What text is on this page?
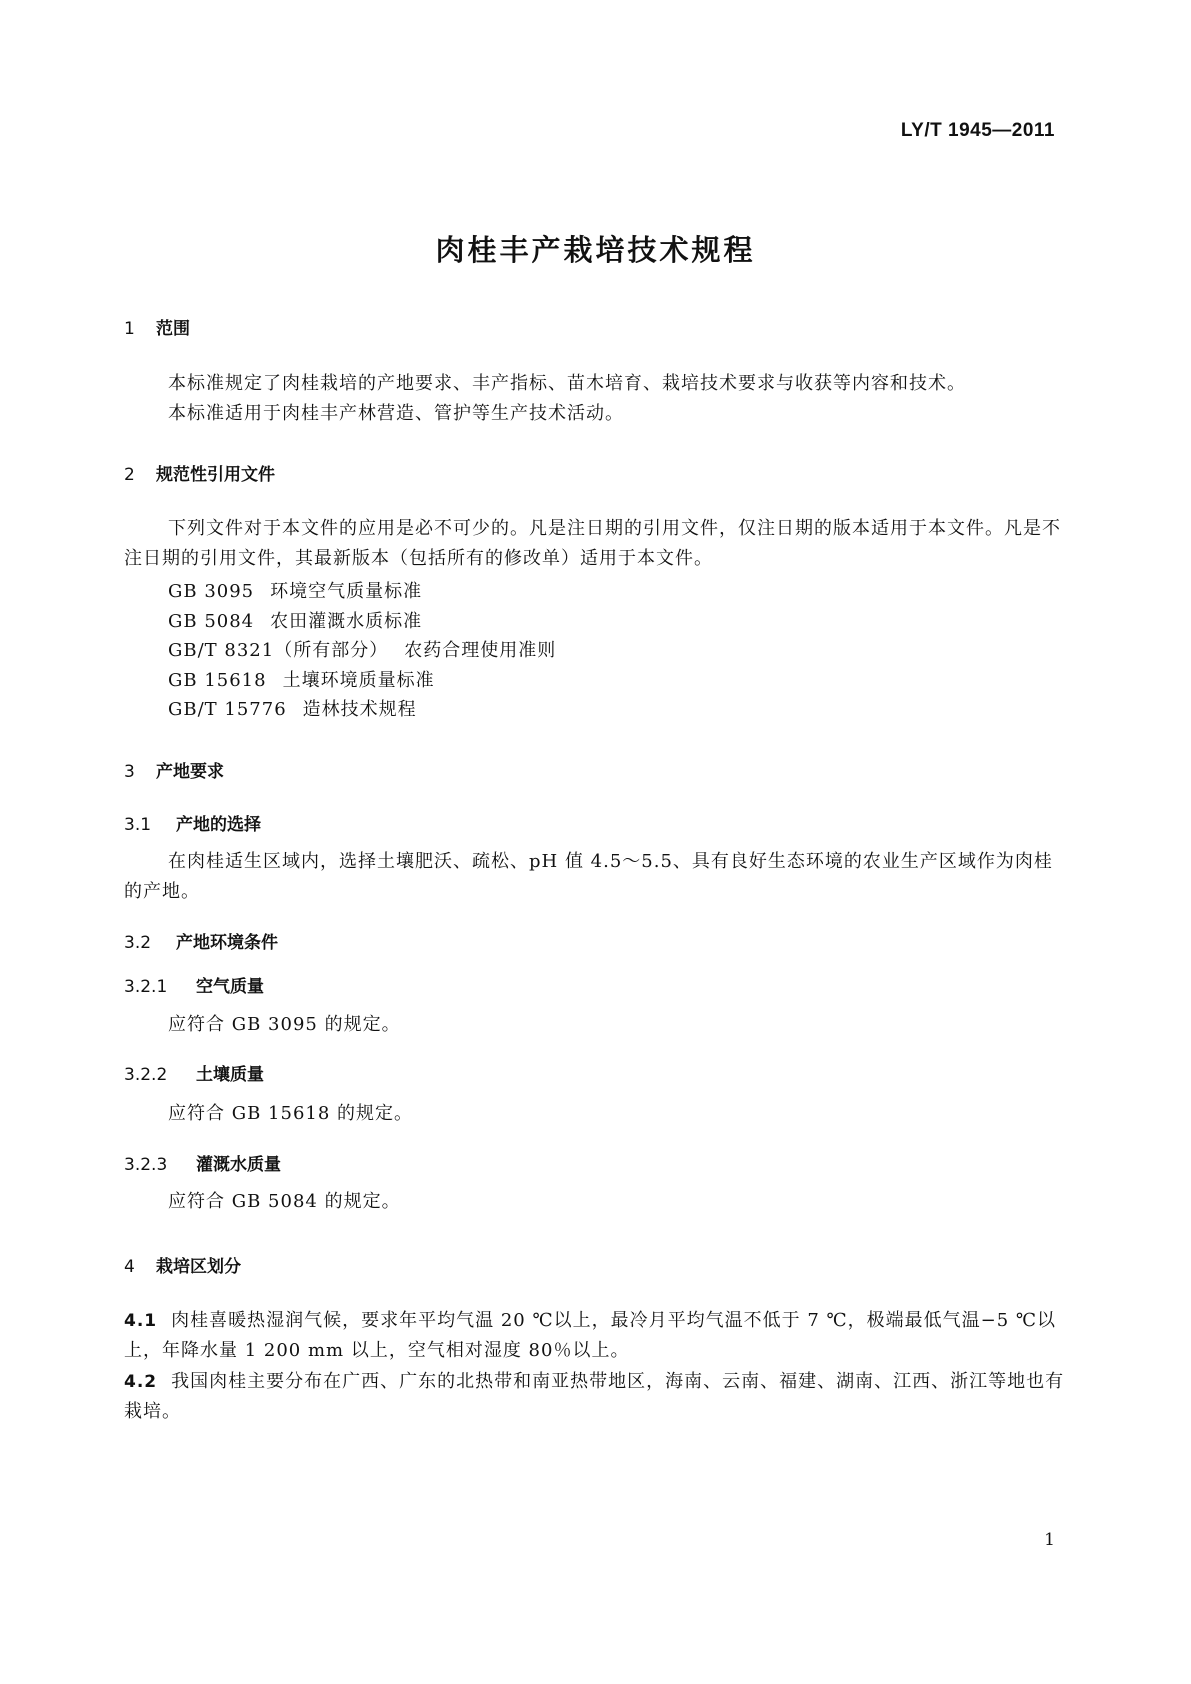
LY/T 1945—2011
肉桂丰产栽培技术规程
1 范围
本标准规定了肉桂栽培的产地要求、丰产指标、苗木培育、栽培技术要求与收获等内容和技术。
本标准适用于肉桂丰产林营造、管护等生产技术活动。
2 规范性引用文件
下列文件对于本文件的应用是必不可少的。凡是注日期的引用文件，仅注日期的版本适用于本文件。凡是不注日期的引用文件，其最新版本（包括所有的修改单）适用于本文件。
GB 3095 环境空气质量标准
GB 5084 农田灌溉水质标准
GB/T 8321（所有部分） 农药合理使用准则
GB 15618 土壤环境质量标准
GB/T 15776 造林技术规程
3 产地要求
3.1 产地的选择
在肉桂适生区域内，选择土壤肥沃、疏松、pH 值 4.5～5.5、具有良好生态环境的农业生产区域作为肉桂的产地。
3.2 产地环境条件
3.2.1 空气质量
应符合 GB 3095 的规定。
3.2.2 土壤质量
应符合 GB 15618 的规定。
3.2.3 灌溉水质量
应符合 GB 5084 的规定。
4 栽培区划分
4.1 肉桂喜暖热湿润气候，要求年平均气温 20 ℃以上，最冷月平均气温不低于 7 ℃，极端最低气温−5 ℃以上，年降水量 1 200 mm 以上，空气相对湿度 80％以上。
4.2 我国肉桂主要分布在广西、广东的北热带和南亚热带地区，海南、云南、福建、湖南、江西、浙江等地也有栽培。
1
